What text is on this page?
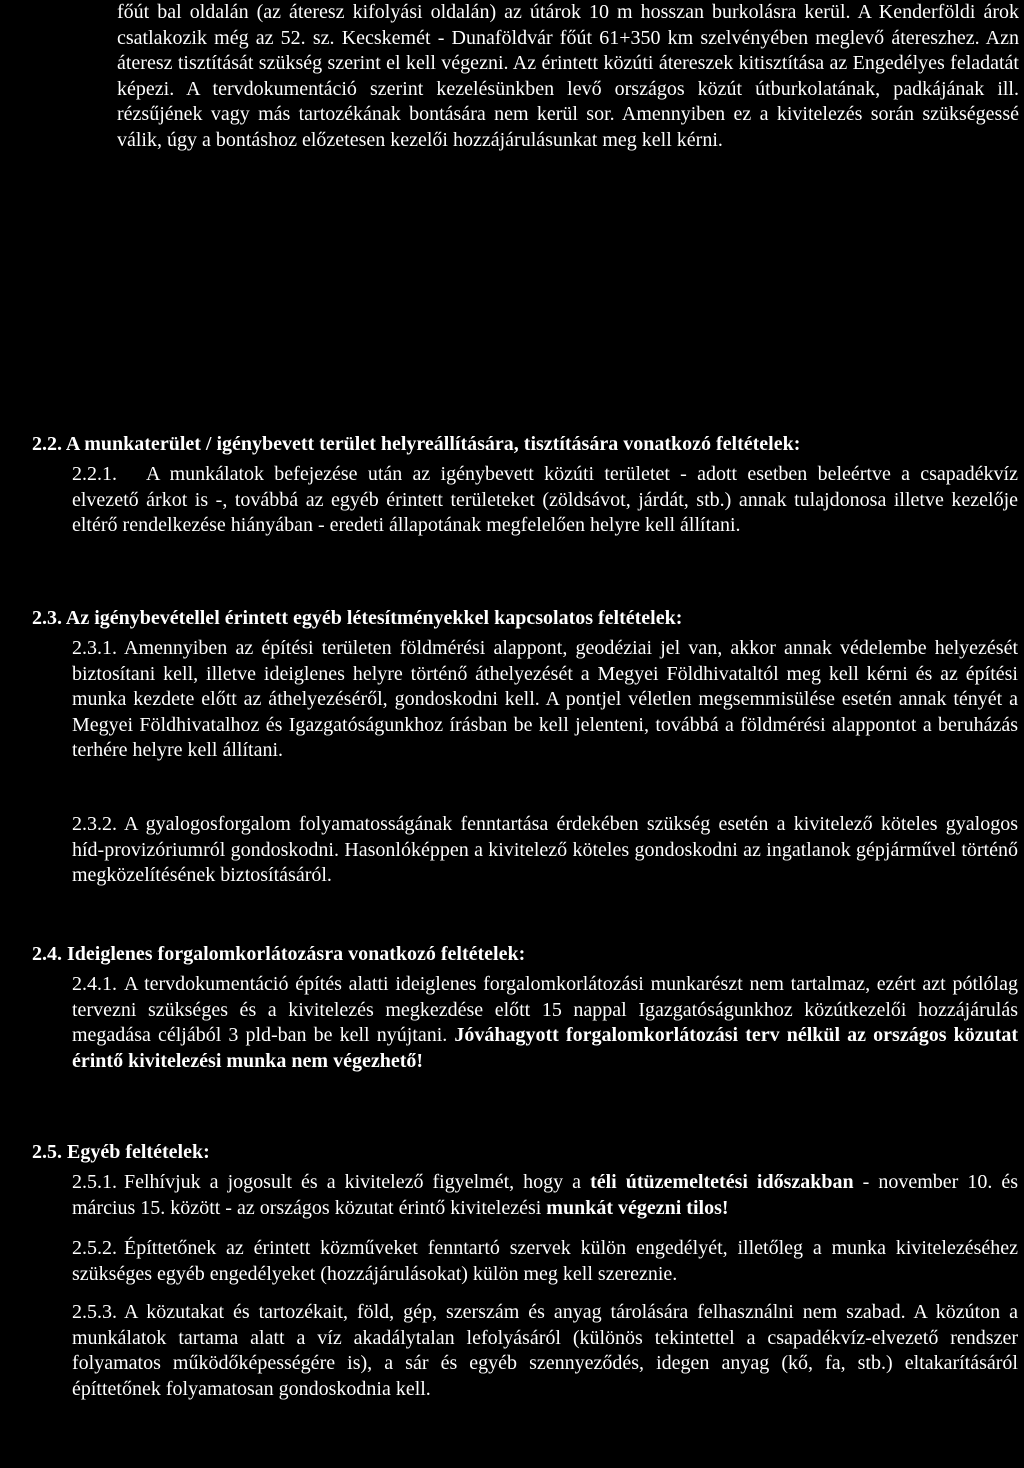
főút bal oldalán (az áteresz kifolyási oldalán) az útárok 10 m hosszan burkolásra kerül. A Kenderföldi árok csatlakozik még az 52. sz. Kecskemét - Dunaföldvár főút 61+350 km szelvényében meglevő átereszhez. Azn áteresz tisztítását szükség szerint el kell végezni. Az érintett közúti átereszek kitisztítása az Engedélyes feladatát képezi. A tervdokumentáció szerint kezelésünkben levő országos közút útburkolatának, padkájának ill. rézsűjének vagy más tartozékának bontására nem kerül sor. Amennyiben ez a kivitelezés során szükségessé válik, úgy a bontáshoz előzetesen kezelői hozzájárulásunkat meg kell kérni.

2.2. A munkaterület / igénybevett terület helyreállítására, tisztítására vonatkozó feltételek:
2.2.1.	A munkálatok befejezése után az igénybevett közúti területet - adott esetben beleértve a csapadékvíz elvezető árkot is -, továbbá az egyéb érintett területeket (zöldsávot, járdát, stb.) annak tulajdonosa illetve kezelője eltérő rendelkezése hiányában - eredeti állapotának megfelelően helyre kell állítani.
2.3. Az igénybevétellel érintett egyéb létesítményekkel kapcsolatos feltételek:
2.3.1. Amennyiben az építési területen földmérési alappont, geodéziai jel van, akkor annak védelembe helyezését biztosítani kell, illetve ideiglenes helyre történő áthelyezését a Megyei Földhivataltól meg kell kérni és az építési munka kezdete előtt az áthelyezéséről, gondoskodni kell. A pontjel véletlen megsemmisülése esetén annak tényét a Megyei Földhivatalhoz és Igazgatóságunkhoz írásban be kell jelenteni, továbbá a földmérési alappontot a beruházás terhére helyre kell állítani.
2.3.2. A gyalogosforgalom folyamatosságának fenntartása érdekében szükség esetén a kivitelező köteles gyalogos híd-provizóriumról gondoskodni. Hasonlóképpen a kivitelező köteles gondoskodni az ingatlanok gépjárművel történő megközelítésének biztosításáról.
2.4. Ideiglenes forgalomkorlátozásra vonatkozó feltételek:
2.4.1. A tervdokumentáció építés alatti ideiglenes forgalomkorlátozási munkarészt nem tartalmaz, ezért azt pótlólag tervezni szükséges és a kivitelezés megkezdése előtt 15 nappal Igazgatóságunkhoz közútkezelői hozzájárulás megadása céljából 3 pld-ban be kell nyújtani. Jóváhagyott forgalomkorlátozási terv nélkül az országos közutat érintő kivitelezési munka nem végezhető!
2.5. Egyéb feltételek:
2.5.1. Felhívjuk a jogosult és a kivitelező figyelmét, hogy a téli útüzemeltetési időszakban - november 10. és március 15. között - az országos közutat érintő kivitelezési munkát végezni tilos!
2.5.2. Építtetőnek az érintett közműveket fenntartó szervek külön engedélyét, illetőleg a munka kivitelezéséhez szükséges egyéb engedélyeket (hozzájárulásokat) külön meg kell szereznie.
2.5.3. A közutakat és tartozékait, föld, gép, szerszám és anyag tárolására felhasználni nem szabad. A közúton a munkálatok tartama alatt a víz akadálytalan lefolyásáról (különös tekintettel a csapadékvíz-elvezető rendszer folyamatos működőképességére is), a sár és egyéb szennyeződés, idegen anyag (kő, fa, stb.) eltakarításáról építtetőnek folyamatosan gondoskodnia kell.
